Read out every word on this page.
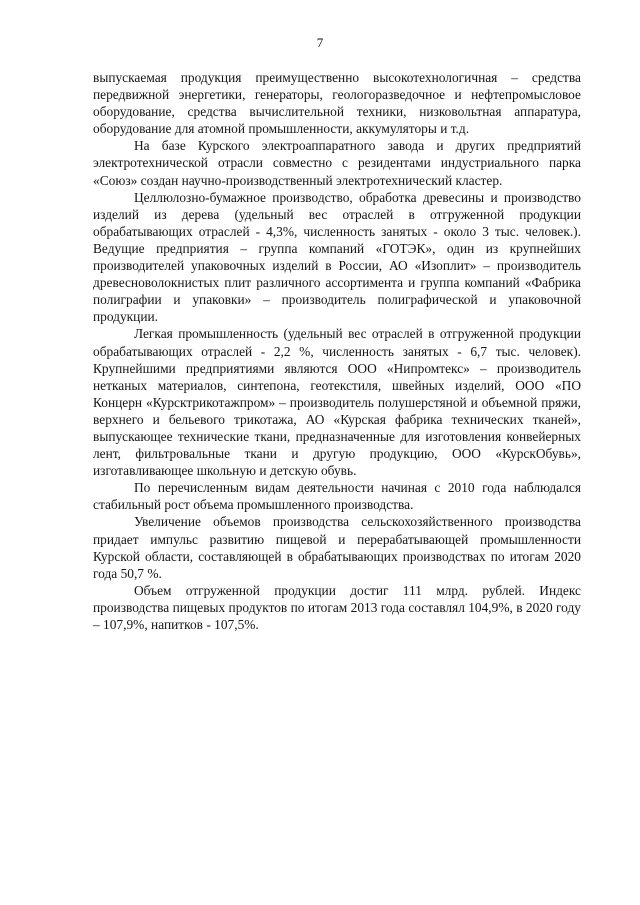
7

выпускаемая продукция преимущественно высокотехнологичная – средства передвижной энергетики, генераторы, геологоразведочное и нефтепромысловое оборудование, средства вычислительной техники, низковольтная аппаратура, оборудование для атомной промышленности, аккумуляторы и т.д.

На базе Курского электроаппаратного завода и других предприятий электротехнической отрасли совместно с резидентами индустриального парка «Союз» создан научно-производственный электротехнический кластер.

Целлюлозно-бумажное производство, обработка древесины и производство изделий из дерева (удельный вес отраслей в отгруженной продукции обрабатывающих отраслей - 4,3%, численность занятых - около 3 тыс. человек.). Ведущие предприятия – группа компаний «ГОТЭК», один из крупнейших производителей упаковочных изделий в России, АО «Изоплит» – производитель древесноволокнистых плит различного ассортимента и группа компаний «Фабрика полиграфии и упаковки» – производитель полиграфической и упаковочной продукции.

Легкая промышленность (удельный вес отраслей в отгруженной продукции обрабатывающих отраслей - 2,2 %, численность занятых - 6,7 тыс. человек). Крупнейшими предприятиями являются ООО «Нипромтекс» – производитель нетканых материалов, синтепона, геотекстиля, швейных изделий, ООО «ПО Концерн «Курсктрикотажпром» – производитель полушерстяной и объемной пряжи, верхнего и бельевого трикотажа, АО «Курская фабрика технических тканей», выпускающее технические ткани, предназначенные для изготовления конвейерных лент, фильтровальные ткани и другую продукцию, ООО «КурскОбувь», изготавливающее школьную и детскую обувь.

По перечисленным видам деятельности начиная с 2010 года наблюдался стабильный рост объема промышленного производства.

Увеличение объемов производства сельскохозяйственного производства придает импульс развитию пищевой и перерабатывающей промышленности Курской области, составляющей в обрабатывающих производствах по итогам 2020 года 50,7 %.

Объем отгруженной продукции достиг 111 млрд. рублей. Индекс производства пищевых продуктов по итогам 2013 года составлял 104,9%, в 2020 году – 107,9%, напитков - 107,5%.
